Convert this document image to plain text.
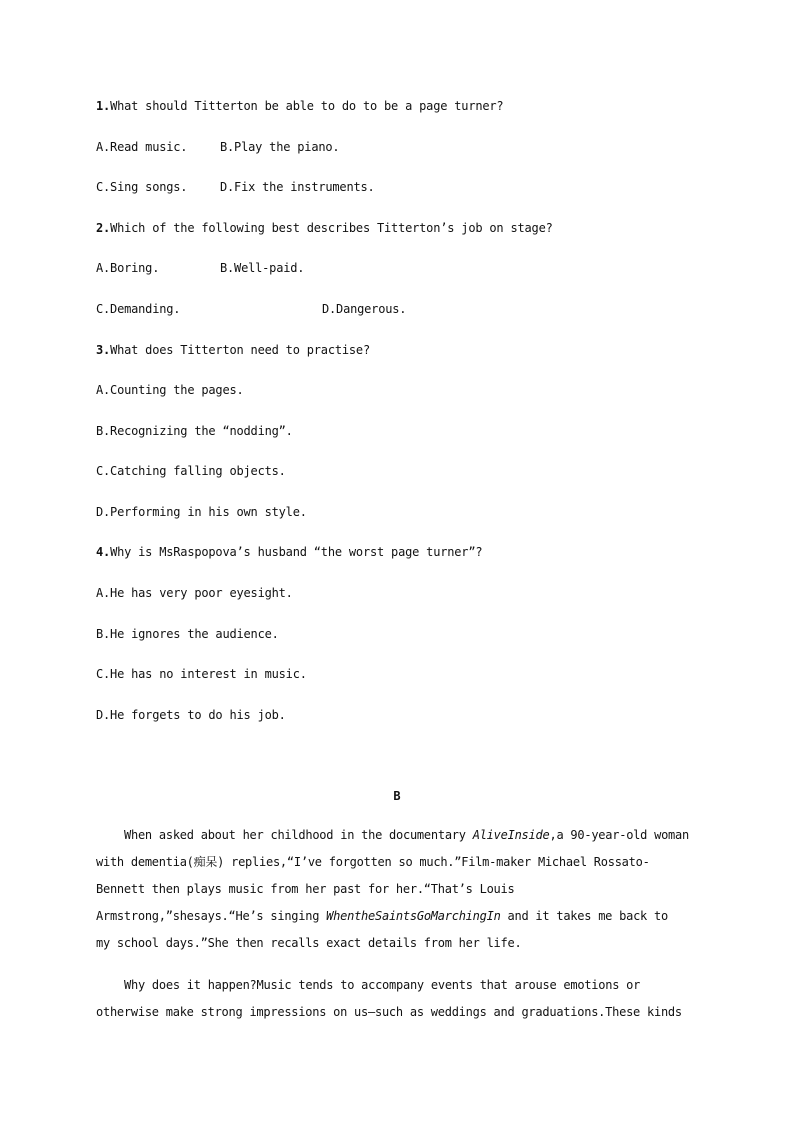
1.What should Titterton be able to do to be a page turner?
A.Read music.	B.Play the piano.
C.Sing songs.	D.Fix the instruments.
2.Which of the following best describes Titterton’s job on stage?
A.Boring.	B.Well-paid.
C.Demanding.	D.Dangerous.
3.What does Titterton need to practise?
A.Counting the pages.
B.Recognizing the “nodding”.
C.Catching falling objects.
D.Performing in his own style.
4.Why is MsRaspopova’s husband “the worst page turner”?
A.He has very poor eyesight.
B.He ignores the audience.
C.He has no interest in music.
D.He forgets to do his job.
B

When asked about her childhood in the documentary AliveInside,a 90-year-old woman

with dementia(痴呆) replies,“I’ve forgotten so much.”Film-maker Michael Rossato-

Bennett then plays music from her past for her.“That’s Louis

Armstrong,”shesays.“He’s singing WhentheSaintsGoMarchingIn and it takes me back to

my school days.”She then recalls exact details from her life.

Why does it happen?Music tends to accompany events that arouse emotions or

otherwise make strong impressions on us—such as weddings and graduations.These kinds
